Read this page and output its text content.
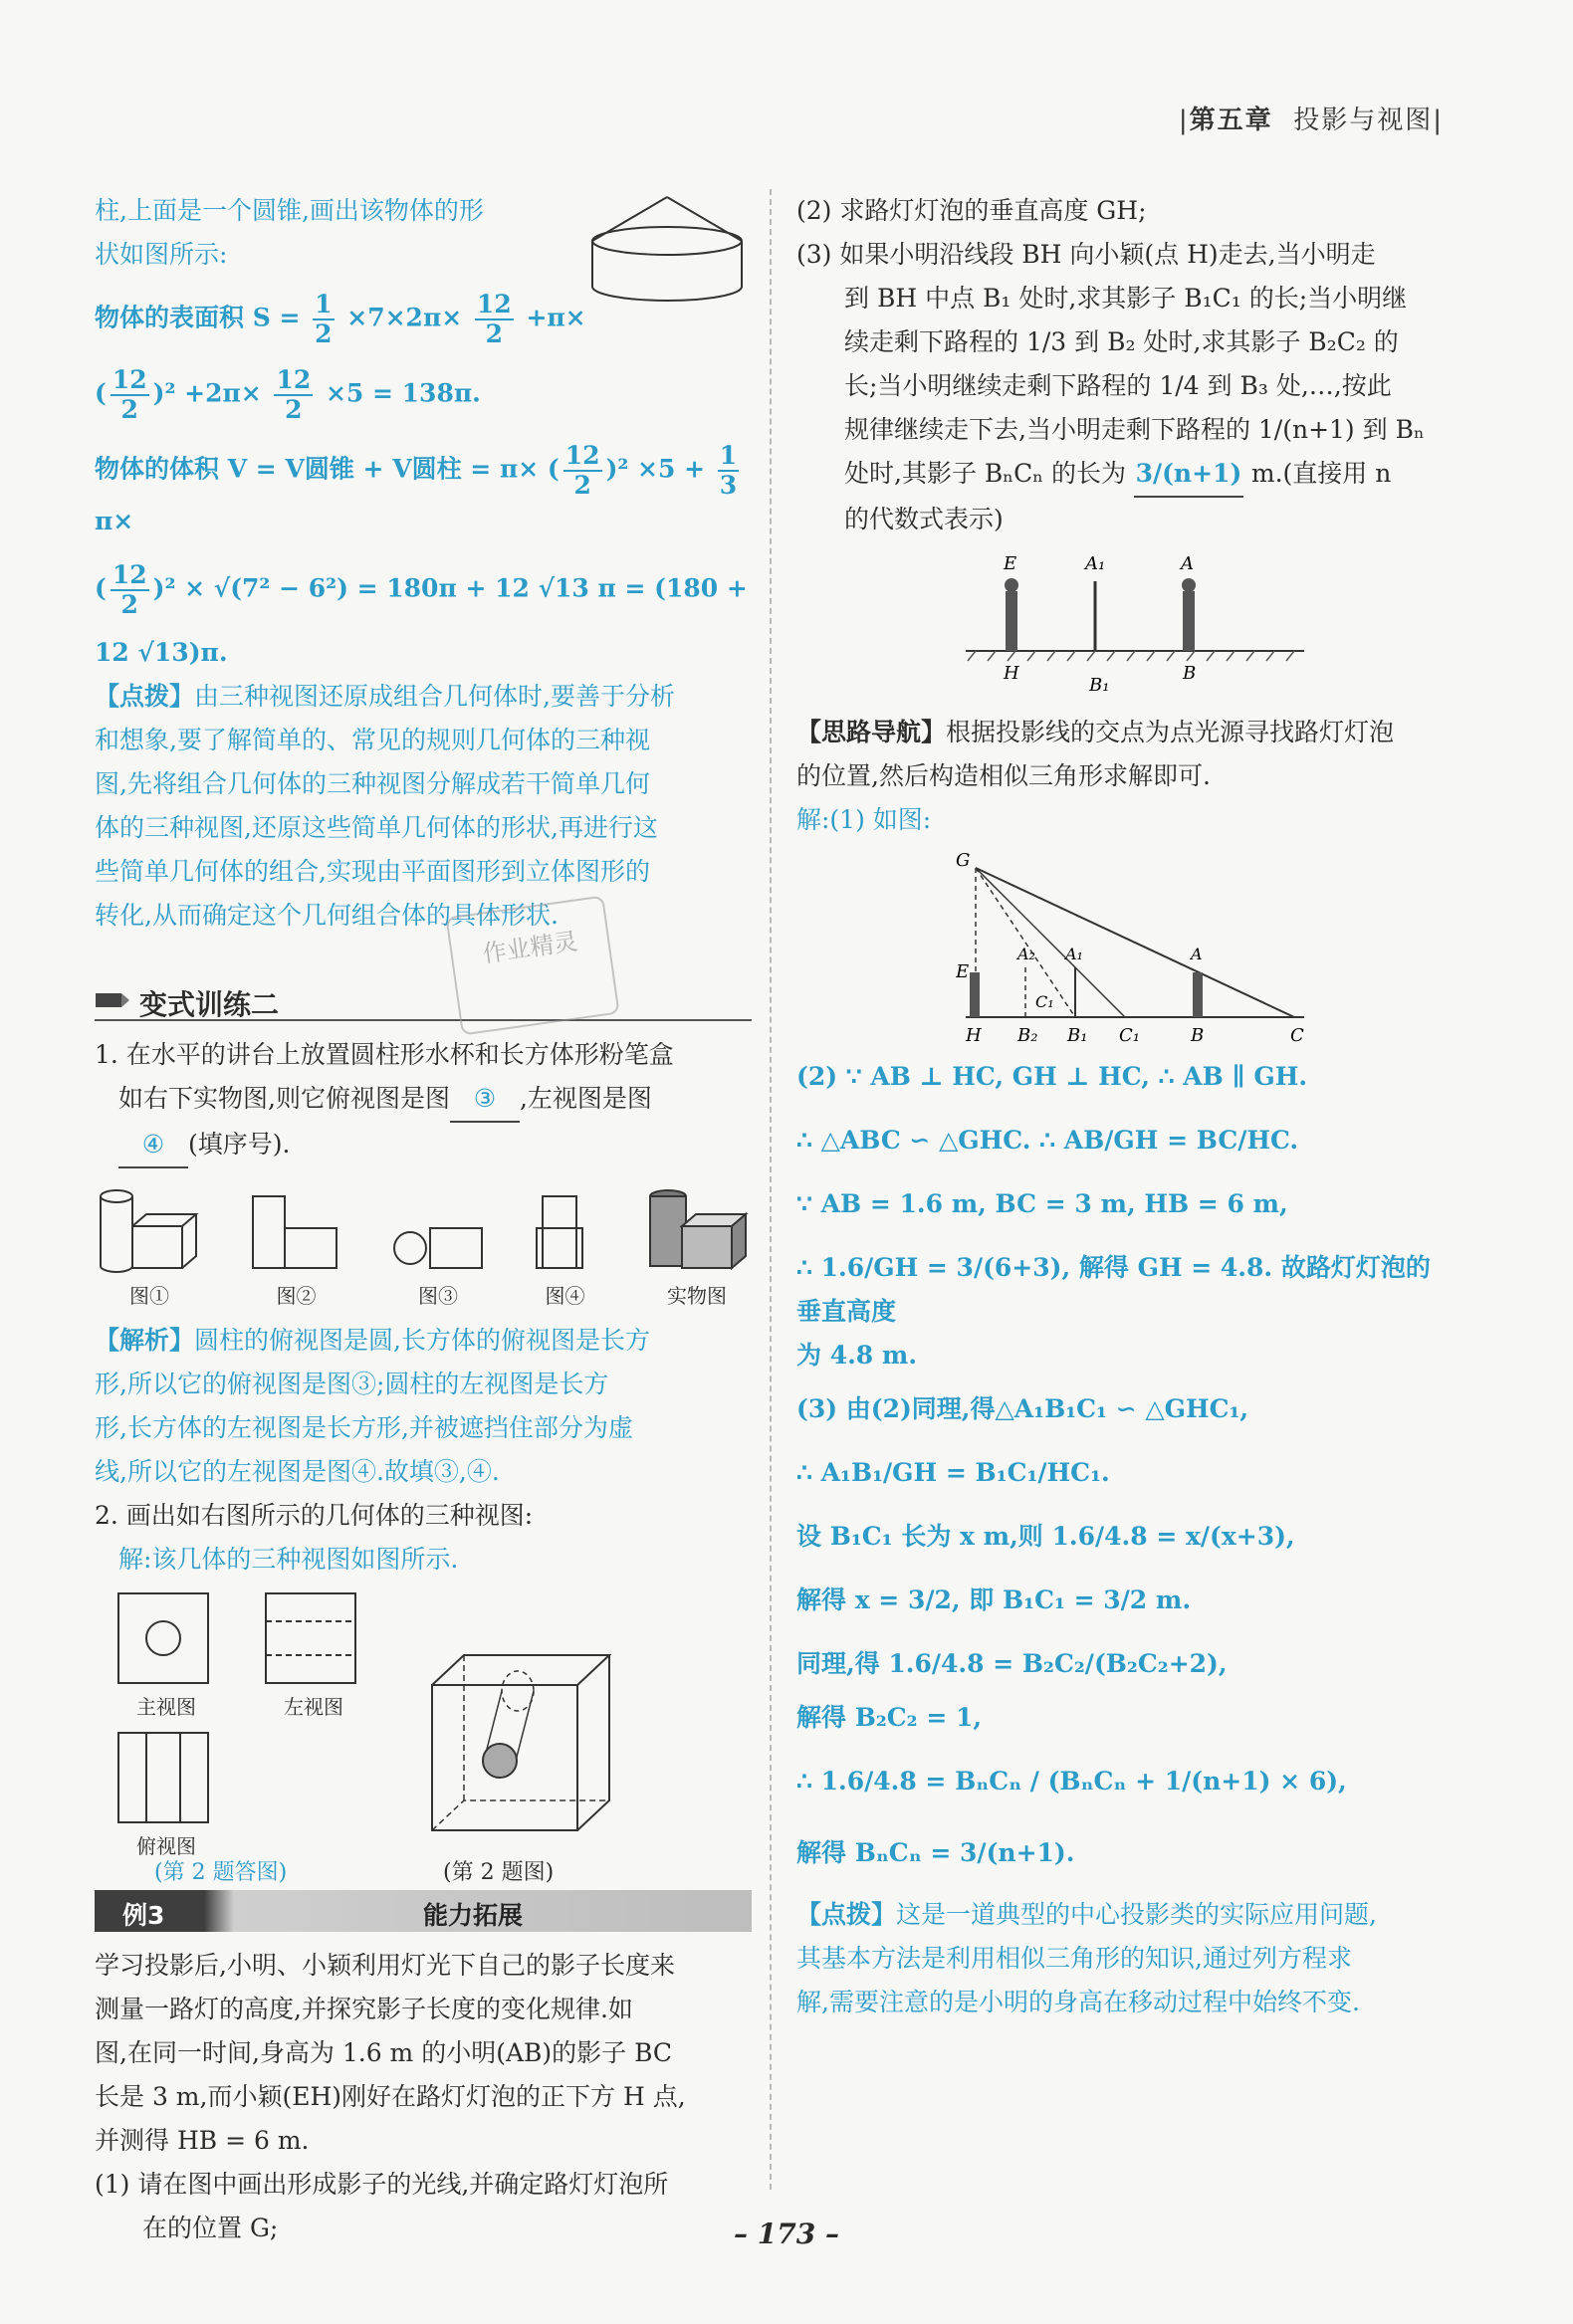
|第五章 投影与视图|

柱,上面是一个圆锥,画出该物体的形

状如图所示:

物体的表面积 $S = \frac{1}{2} \times 7\times 2\pi\times \frac{12}{2} +\pi\times$

( $\frac{12}{2} )^2 +2\pi\times \frac{12}{2} \times 5 = 138\pi$.

物体的体积 V = V圆锥 + V圆柱 = π× ( $\frac{12}{2} )^2 \times 5 + \frac{1}{3}$
π×

( $\frac{12}{2} )^2 \times √(7^2 - 6^2) = 180\pi + 12$ √13 π = (180 +

12 √13)π.

【点拨】由三种视图还原成组合几何体时,要善于分析

和想象,要了解简单的、常见的规则几何体的三种视

图,先将组合几何体的三种视图分解成若干简单几何

体的三种视图,还原这些简单几何体的形状,再进行这

些简单几何体的组合,实现由平面图形到立体图形的

转化,从而确定这个几何组合体的具体形状.

变式训练二

1. 在水平的讲台上放置圆柱形水杯和长方体形粉笔盒

如右下实物图,则它俯视图是图 ③ ,左视图是图

④ (填序号).

图①	图②	图③	图④	实物图

【解析】圆柱的俯视图是圆,长方体的俯视图是长方

形,所以它的俯视图是图③;圆柱的左视图是长方

形,长方体的左视图是长方形,并被遮挡住部分为虚

线,所以它的左视图是图④.故填③,④.

2. 画出如右图所示的几何体的三种视图:

解:该几体的三种视图如图所示.

主视图	左视图
俯视图
(第 2 题答图)	(第 2 题图)
例3	能力拓展

学习投影后,小明、小颖利用灯光下自己的影子长度来

测量一路灯的高度,并探究影子长度的变化规律.如

图,在同一时间,身高为 1.6 m 的小明(AB)的影子 BC

长是 3 m,而小颖(EH)刚好在路灯灯泡的正下方 H 点,

并测得 HB = 6 m.

(1) 请在图中画出形成影子的光线,并确定路灯灯泡所

在的位置 G;

作业精灵

(2) 求路灯灯泡的垂直高度 GH;

(3) 如果小明沿线段 BH 向小颖(点 H)走去,当小明走

到 BH 中点 B₁ 处时,求其影子 B₁C₁ 的长;当小明继

续走剩下路程的 1/3 到 B₂ 处时,求其影子 B₂C₂ 的

长;当小明继续走剩下路程的 1/4 到 B₃ 处,…,按此

规律继续走下去,当小明走剩下路程的 1/(n+1) 到 Bₙ

处时,其影子 BₙCₙ 的长为 3/(n+1) m.(直接用 n

的代数式表示)

E	A₁	A
H
B₁
B

【思路导航】根据投影线的交点为点光源寻找路灯灯泡

的位置,然后构造相似三角形求解即可.

解:(1) 如图:

G
E
A₂ A₁	A
C₁
H B₂ B₁ C₁	B	C

(2) ∵ AB ⊥ HC, GH ⊥ HC, ∴ AB ∥ GH.

∴ △ABC ∽ △GHC. ∴ AB/GH = BC/HC.

∵ AB = 1.6 m, BC = 3 m, HB = 6 m,

∴ 1.6/GH = 3/(6+3), 解得 GH = 4.8. 故路灯灯泡的垂直高度

为 4.8 m.

(3) 由(2)同理,得△A₁B₁C₁ ∽ △GHC₁,

∴ A₁B₁/GH = B₁C₁/HC₁.

设 B₁C₁ 长为 x m,则 1.6/4.8 = x/(x+3),

解得 x = 3/2, 即 B₁C₁ = 3/2 m.

同理,得 1.6/4.8 = B₂C₂/(B₂C₂+2),

解得 B₂C₂ = 1,

∴ 1.6/4.8 = BₙCₙ / (BₙCₙ + 1/(n+1) × 6),

解得 BₙCₙ = 3/(n+1).

【点拨】这是一道典型的中心投影类的实际应用问题,

其基本方法是利用相似三角形的知识,通过列方程求

解,需要注意的是小明的身高在移动过程中始终不变.

– 173 –
